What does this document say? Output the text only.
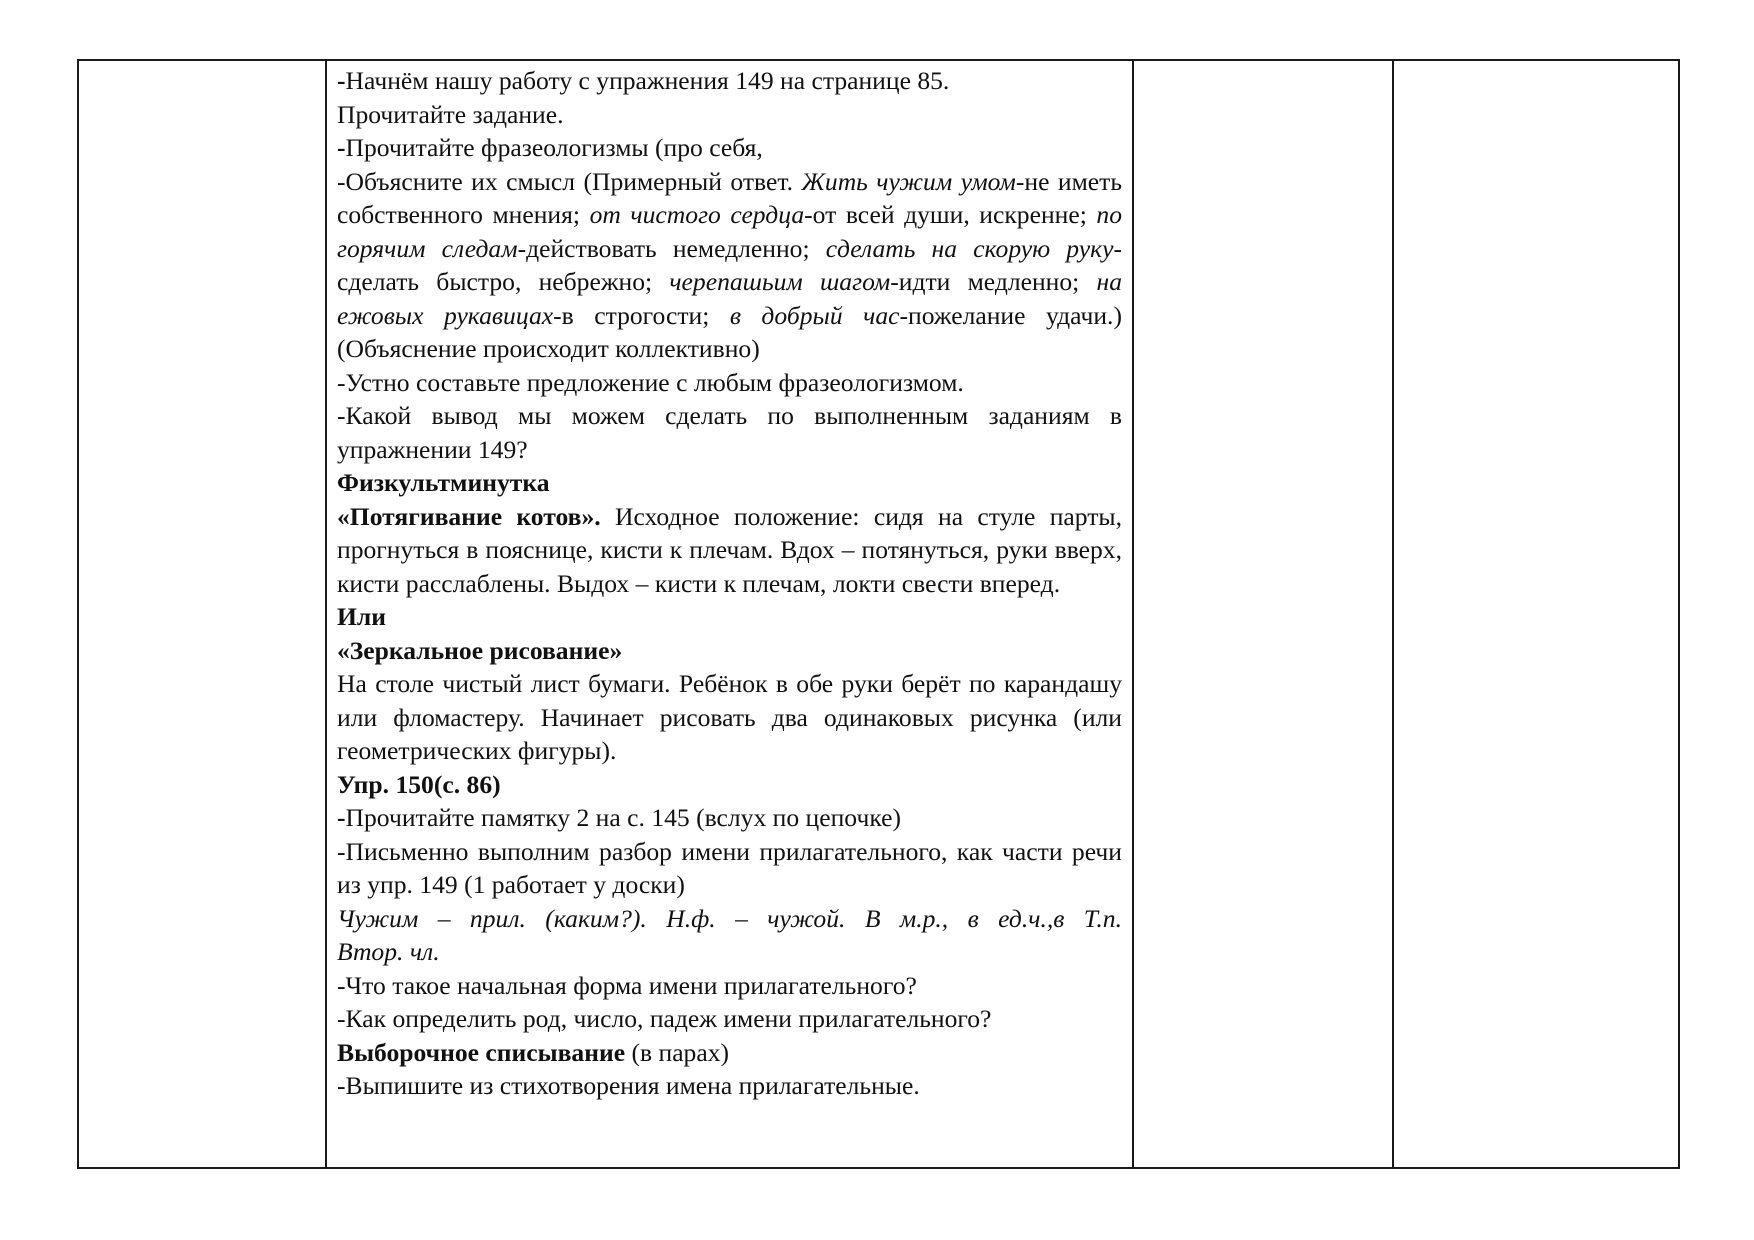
-Начнём нашу работу с упражнения 149 на странице 85.

Прочитайте задание.

-Прочитайте фразеологизмы (про себя,

-Объясните их смысл (Примерный ответ. Жить чужим умом-не иметь собственного мнения; от чистого сердца-от всей души, искренне; по горячим следам-действовать немедленно; сделать на скорую руку-сделать быстро, небрежно; черепашьим шагом-идти медленно; на ежовых рукавицах-в строгости; в добрый час-пожелание удачи.) (Объяснение происходит коллективно)

-Устно составьте предложение с любым фразеологизмом.

-Какой вывод мы можем сделать по выполненным заданиям в упражнении 149?

Физкультминутка

«Потягивание котов». Исходное положение: сидя на стуле парты, прогнуться в пояснице, кисти к плечам. Вдох – потянуться, руки вверх, кисти расслаблены. Выдох – кисти к плечам, локти свести вперед.

Или

«Зеркальное рисование»

На столе чистый лист бумаги. Ребёнок в обе руки берёт по карандашу или фломастеру. Начинает рисовать два одинаковых рисунка (или геометрических фигуры).

Упр. 150(с. 86)

-Прочитайте памятку 2 на с. 145 (вслух по цепочке)

-Письменно выполним разбор имени прилагательного, как части речи из упр. 149 (1 работает у доски)

Чужим – прил. (каким?). Н.ф. – чужой. В м.р., в ед.ч.,в Т.п.

Втор. чл.

-Что такое начальная форма имени прилагательного?

-Как определить род, число, падеж имени прилагательного?

Выборочное списывание (в парах)

-Выпишите из стихотворения имена прилагательные.
